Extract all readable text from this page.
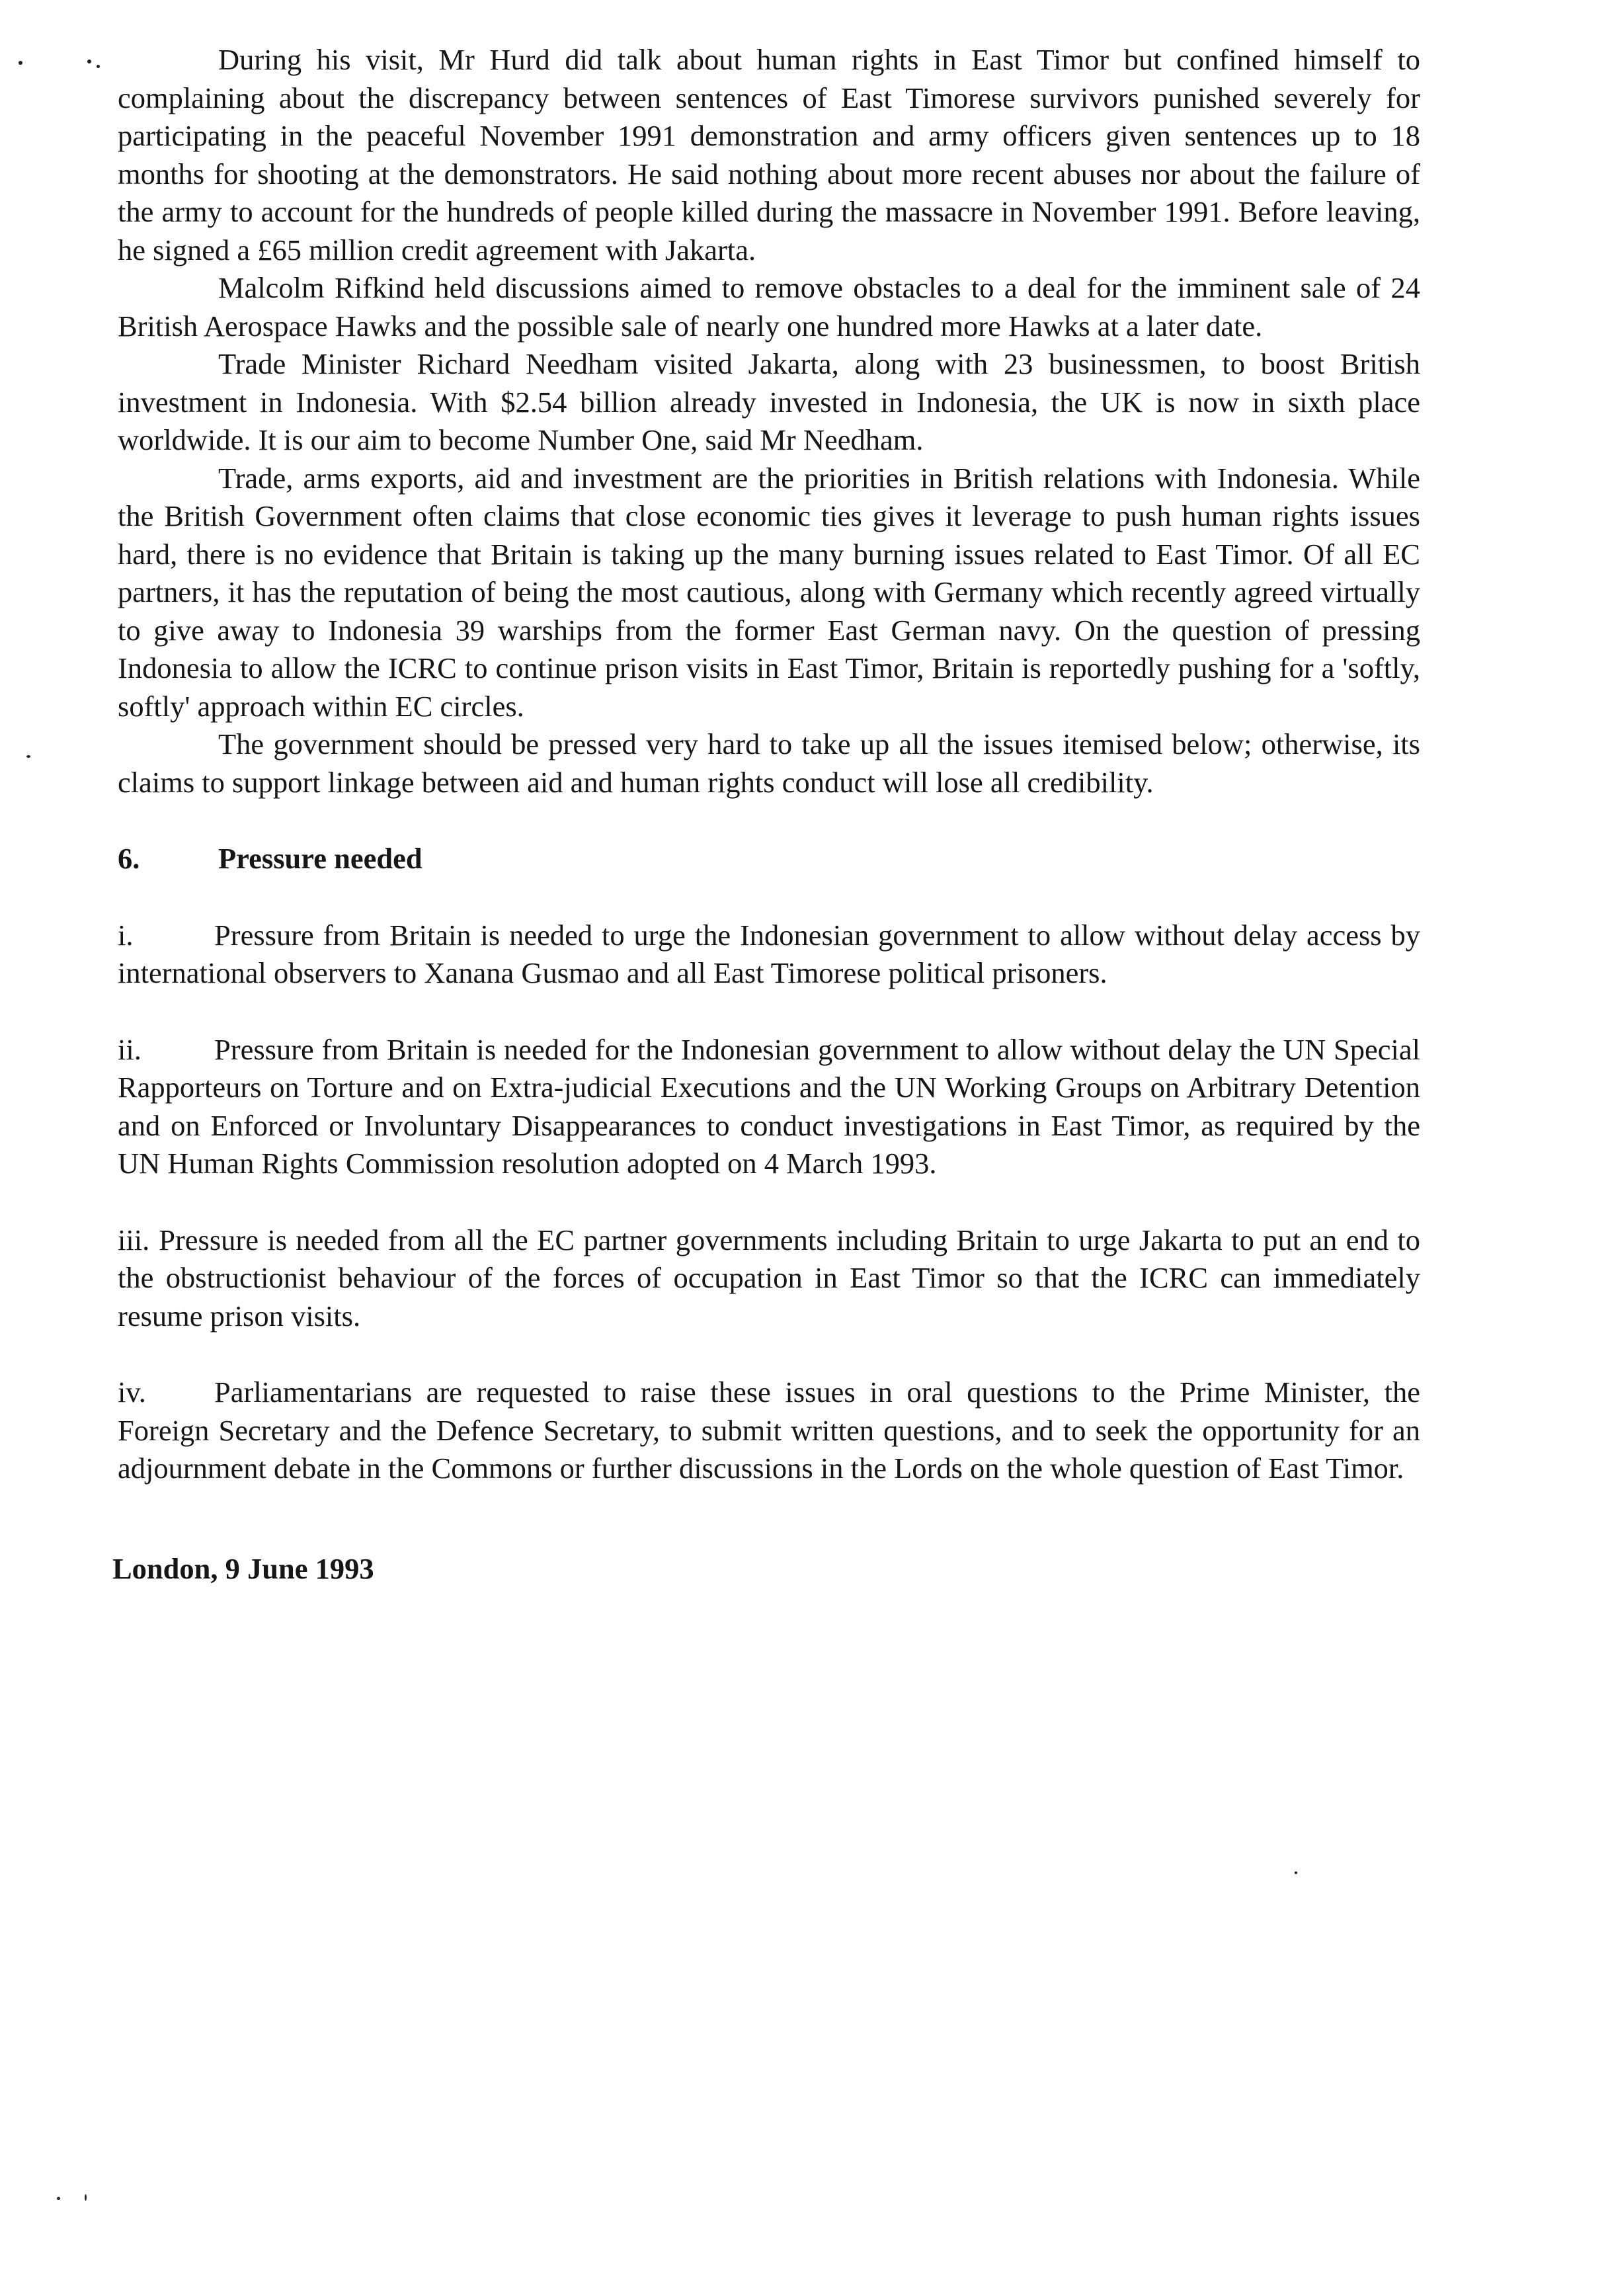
During his visit, Mr Hurd did talk about human rights in East Timor but confined himself to complaining about the discrepancy between sentences of East Timorese survivors punished severely for participating in the peaceful November 1991 demonstration and army officers given sentences up to 18 months for shooting at the demonstrators. He said nothing about more recent abuses nor about the failure of the army to account for the hundreds of people killed during the massacre in November 1991. Before leaving, he signed a £65 million credit agreement with Jakarta.

Malcolm Rifkind held discussions aimed to remove obstacles to a deal for the imminent sale of 24 British Aerospace Hawks and the possible sale of nearly one hundred more Hawks at a later date.

Trade Minister Richard Needham visited Jakarta, along with 23 businessmen, to boost British investment in Indonesia. With $2.54 billion already invested in Indonesia, the UK is now in sixth place worldwide. It is our aim to become Number One, said Mr Needham.

Trade, arms exports, aid and investment are the priorities in British relations with Indonesia. While the British Government often claims that close economic ties gives it leverage to push human rights issues hard, there is no evidence that Britain is taking up the many burning issues related to East Timor. Of all EC partners, it has the reputation of being the most cautious, along with Germany which recently agreed virtually to give away to Indonesia 39 warships from the former East German navy. On the question of pressing Indonesia to allow the ICRC to continue prison visits in East Timor, Britain is reportedly pushing for a 'softly, softly' approach within EC circles.

The government should be pressed very hard to take up all the issues itemised below; otherwise, its claims to support linkage between aid and human rights conduct will lose all credibility.

6.	Pressure needed

i.	Pressure from Britain is needed to urge the Indonesian government to allow without delay access by international observers to Xanana Gusmao and all East Timorese political prisoners.

ii. Pressure from Britain is needed for the Indonesian government to allow without delay the UN Special Rapporteurs on Torture and on Extra-judicial Executions and the UN Working Groups on Arbitrary Detention and on Enforced or Involuntary Disappearances to conduct investigations in East Timor, as required by the UN Human Rights Commission resolution adopted on 4 March 1993.

iii. Pressure is needed from all the EC partner governments including Britain to urge Jakarta to put an end to the obstructionist behaviour of the forces of occupation in East Timor so that the ICRC can immediately resume prison visits.

iv. Parliamentarians are requested to raise these issues in oral questions to the Prime Minister, the Foreign Secretary and the Defence Secretary, to submit written questions, and to seek the opportunity for an adjournment debate in the Commons or further discussions in the Lords on the whole question of East Timor.

London, 9 June 1993
